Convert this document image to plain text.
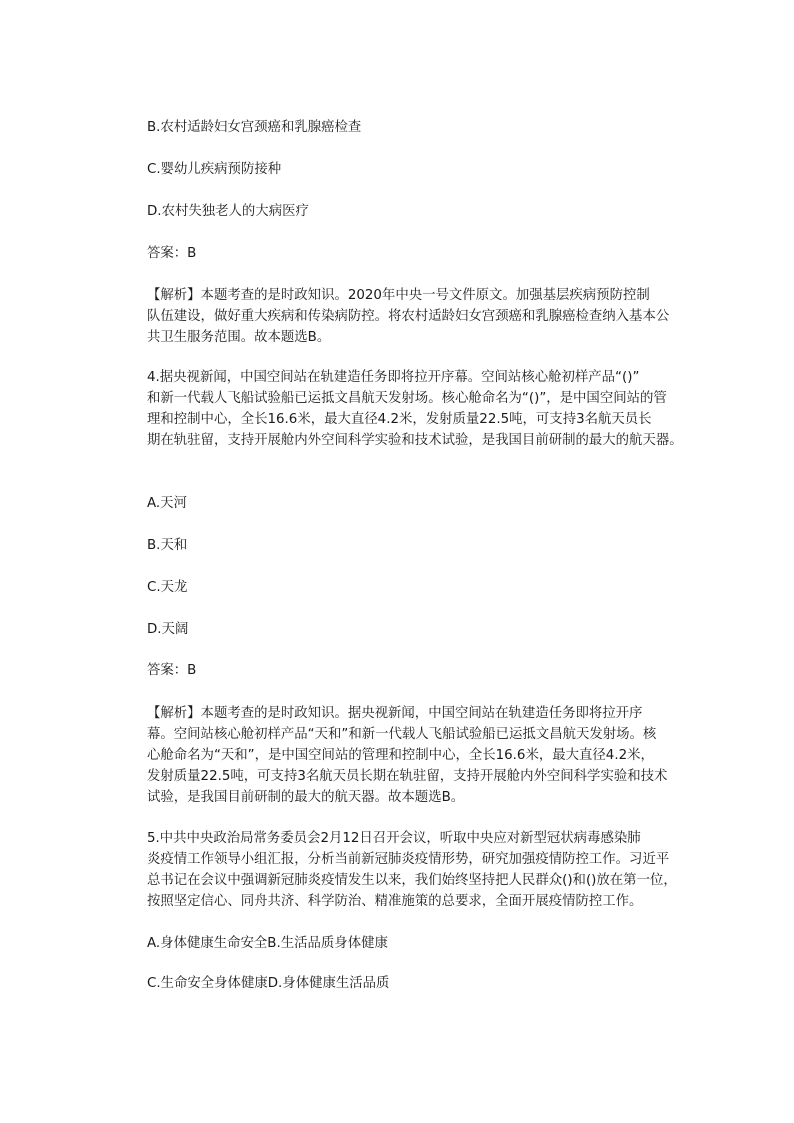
B.农村适龄妇女宫颈癌和乳腺癌检查
C.婴幼儿疾病预防接种
D.农村失独老人的大病医疗
答案：B
【解析】本题考查的是时政知识。2020年中央一号文件原文。加强基层疾病预防控制
队伍建设，做好重大疾病和传染病防控。将农村适龄妇女宫颈癌和乳腺癌检查纳入基本公
共卫生服务范围。故本题选B。
4.据央视新闻，中国空间站在轨建造任务即将拉开序幕。空间站核心舱初样产品“()”
和新一代载人飞船试验船已运抵文昌航天发射场。核心舱命名为“()”，是中国空间站的管
理和控制中心，全长16.6米，最大直径4.2米，发射质量22.5吨，可支持3名航天员长
期在轨驻留，支持开展舱内外空间科学实验和技术试验，是我国目前研制的最大的航天器。
A.天河
B.天和
C.天龙
D.天阔
答案：B
【解析】本题考查的是时政知识。据央视新闻，中国空间站在轨建造任务即将拉开序
幕。空间站核心舱初样产品“天和”和新一代载人飞船试验船已运抵文昌航天发射场。核
心舱命名为“天和”，是中国空间站的管理和控制中心，全长16.6米，最大直径4.2米，
发射质量22.5吨，可支持3名航天员长期在轨驻留，支持开展舱内外空间科学实验和技术
试验，是我国目前研制的最大的航天器。故本题选B。
5.中共中央政治局常务委员会2月12日召开会议，听取中央应对新型冠状病毒感染肺
炎疫情工作领导小组汇报，分析当前新冠肺炎疫情形势，研究加强疫情防控工作。习近平
总书记在会议中强调新冠肺炎疫情发生以来，我们始终坚持把人民群众()和()放在第一位，
按照坚定信心、同舟共济、科学防治、精准施策的总要求，全面开展疫情防控工作。
A.身体健康生命安全B.生活品质身体健康
C.生命安全身体健康D.身体健康生活品质
